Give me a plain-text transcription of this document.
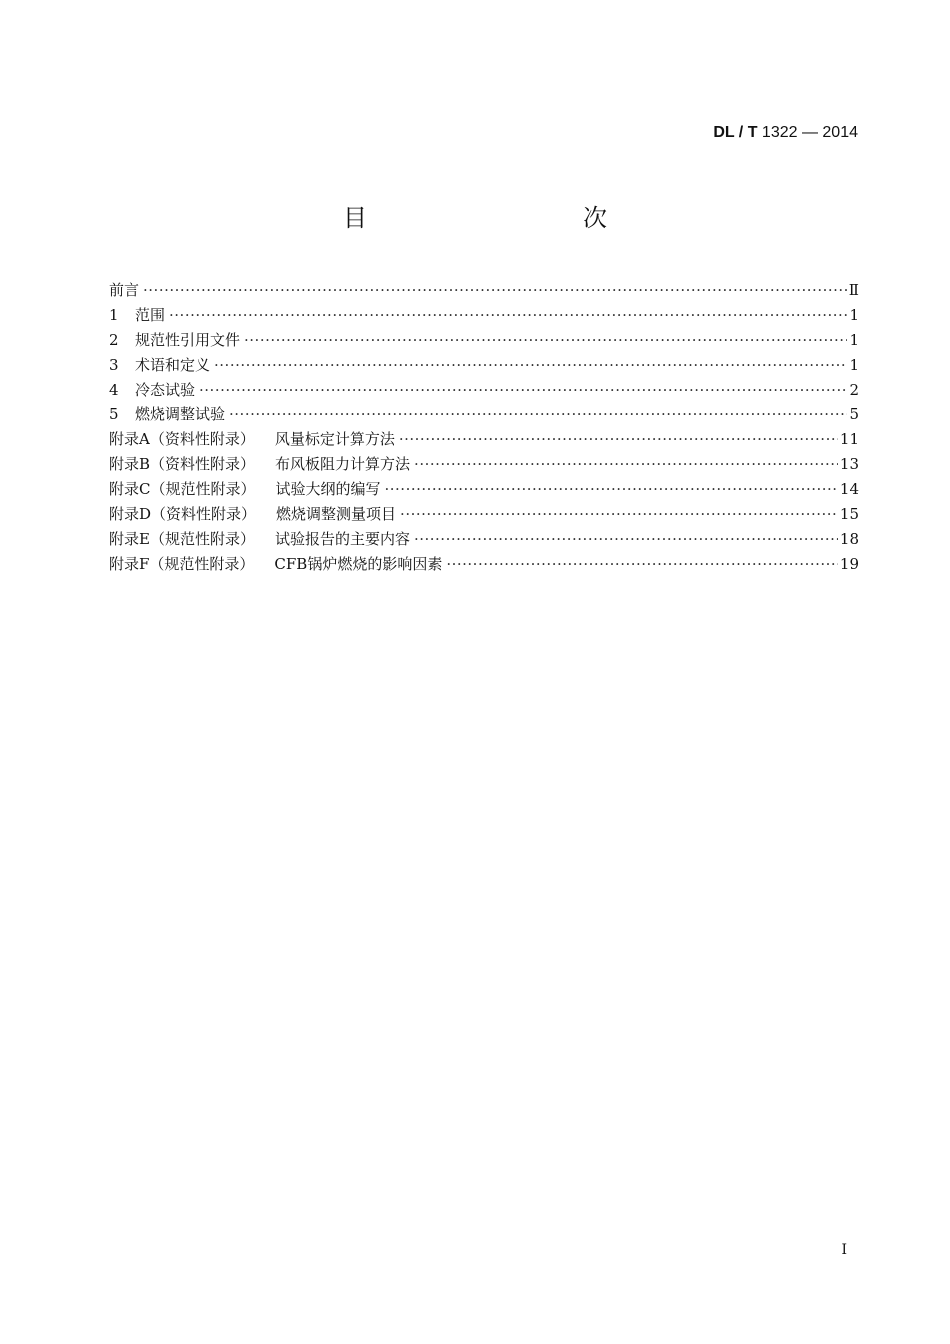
DL / T 1322 — 2014
目　　次
前言 ·····	Ⅱ
1	范围 ·····	1
2	规范性引用文件 ·····	1
3	术语和定义 ·····	1
4	冷态试验 ·····	2
5	燃烧调整试验 ·····	5
附录A（资料性附录） 风量标定计算方法 ·····	11
附录B（资料性附录） 布风板阻力计算方法 ·····	13
附录C（规范性附录） 试验大纲的编写 ·····	14
附录D（资料性附录） 燃烧调整测量项目 ·····	15
附录E（规范性附录） 试验报告的主要内容 ·····	18
附录F（规范性附录） CFB锅炉燃烧的影响因素 ·····	19
I
